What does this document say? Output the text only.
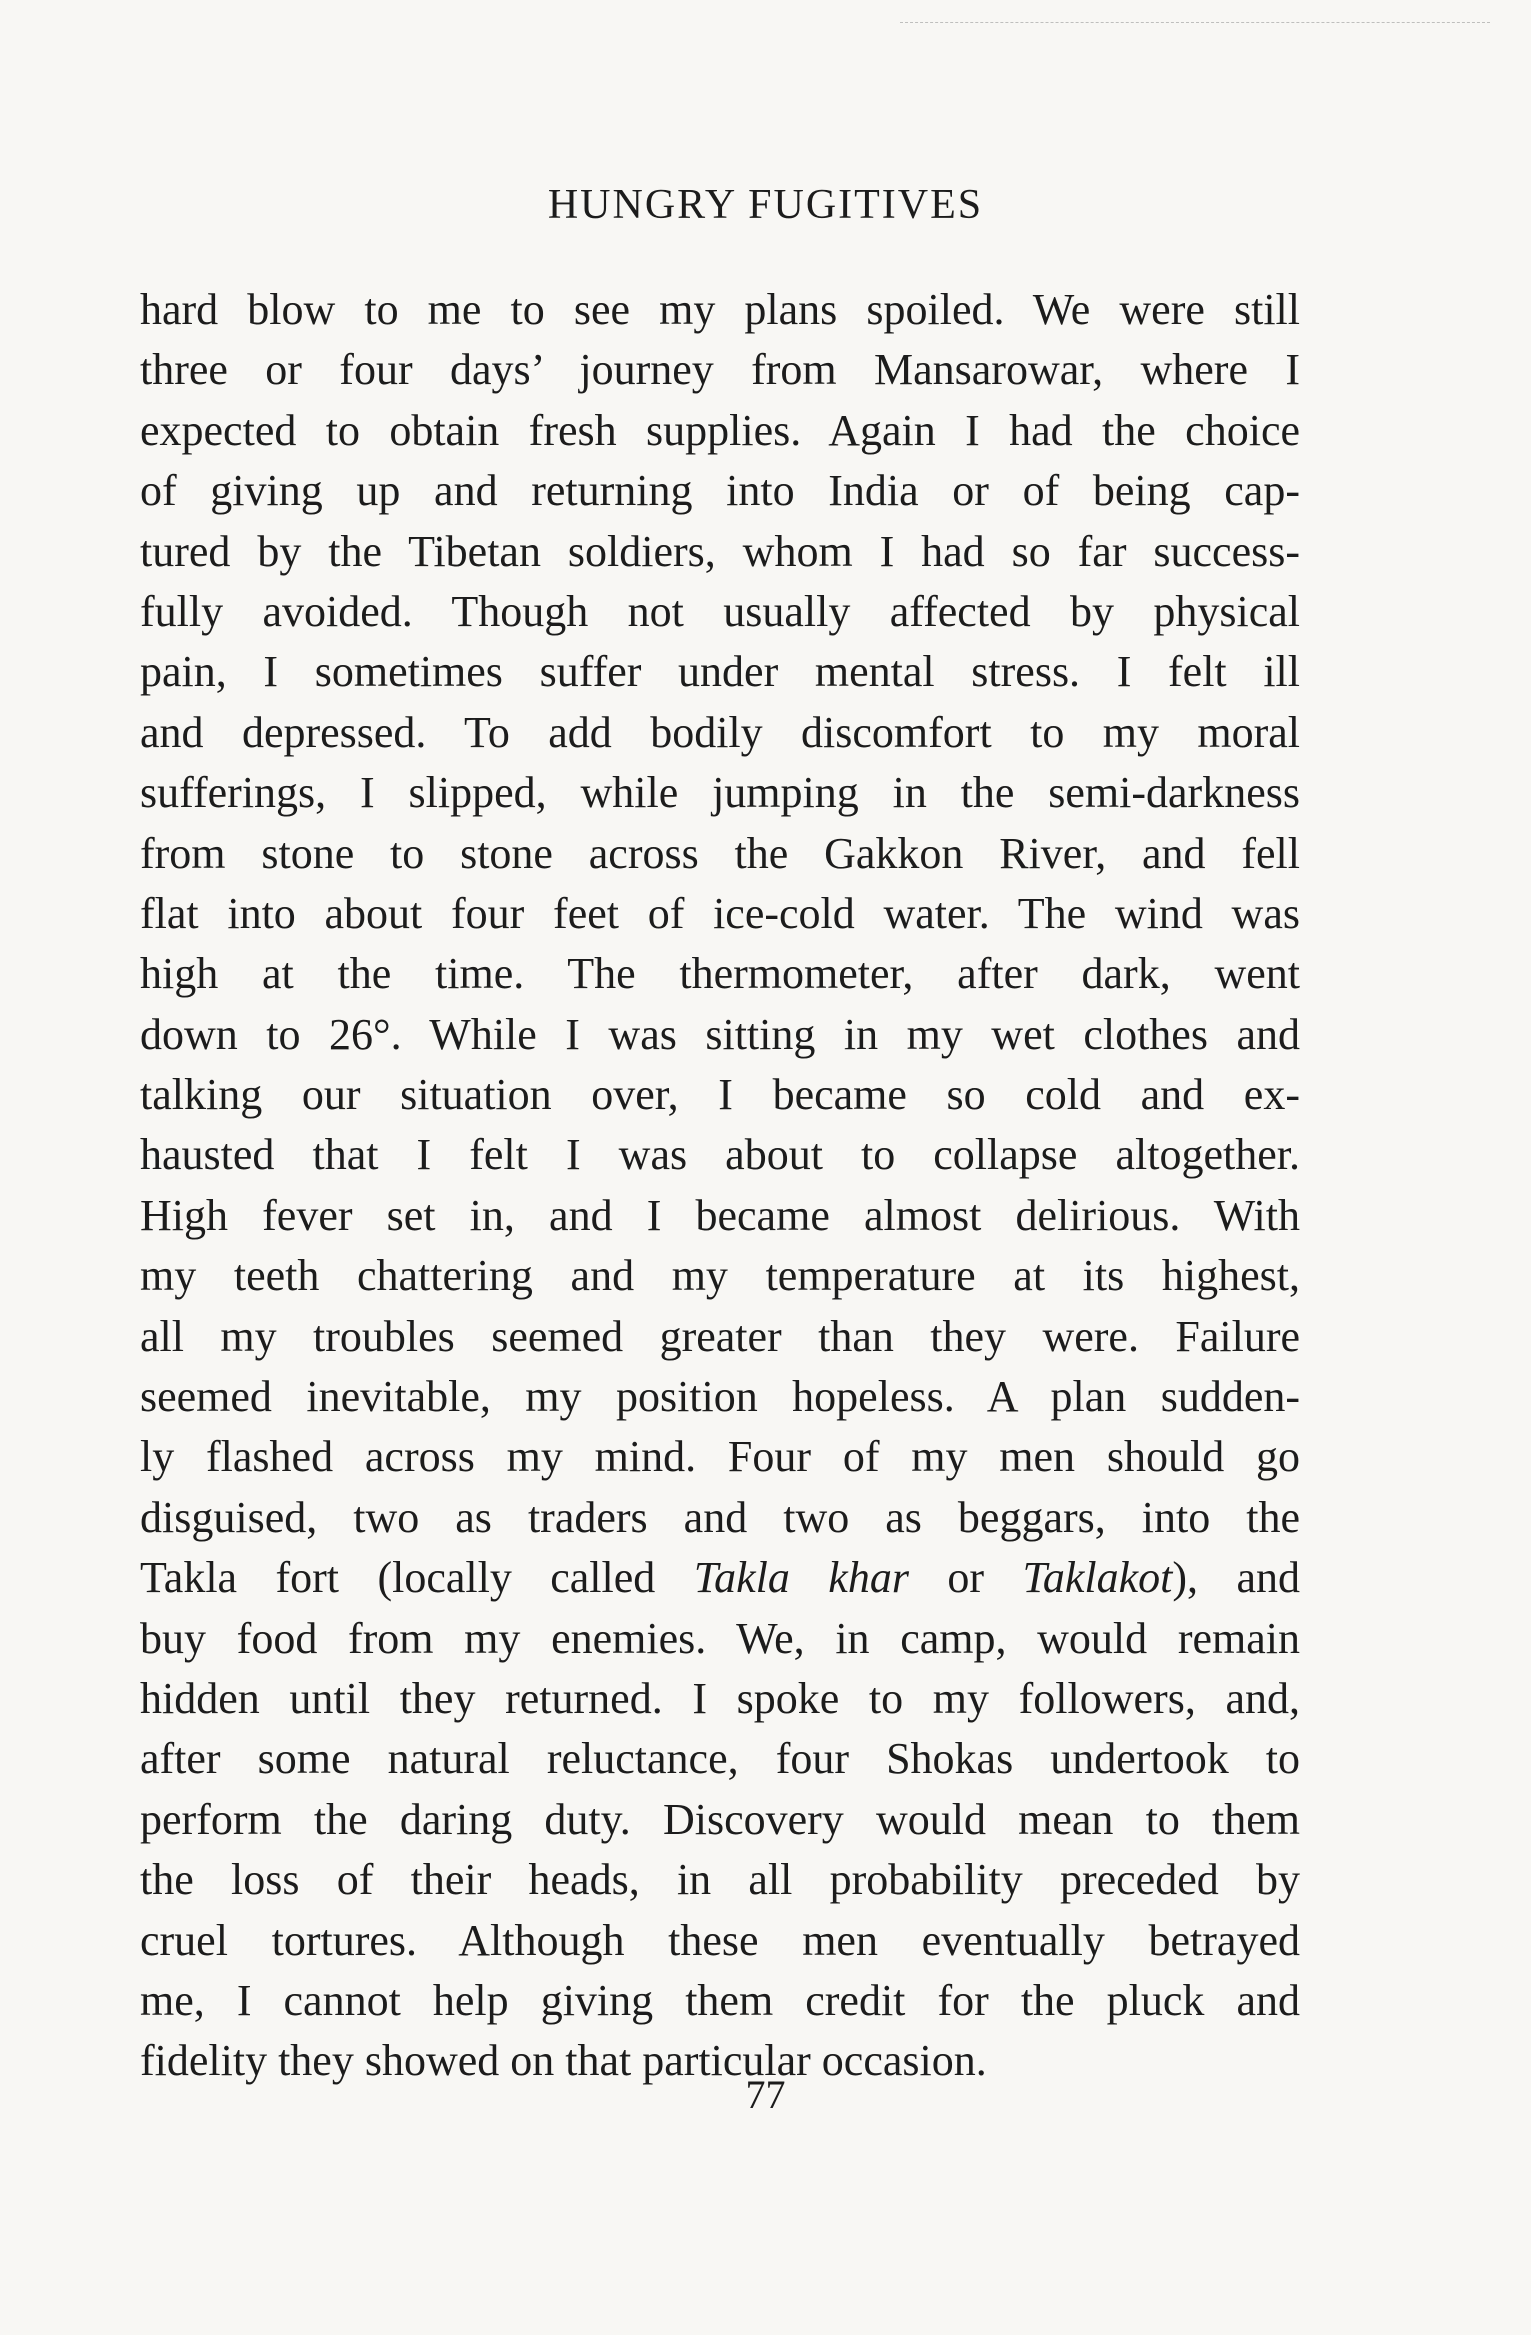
HUNGRY FUGITIVES
hard blow to me to see my plans spoiled. We were still
three or four days’ journey from Mansarowar, where I
expected to obtain fresh supplies. Again I had the choice
of giving up and returning into India or of being cap-
tured by the Tibetan soldiers, whom I had so far success-
fully avoided. Though not usually affected by physical
pain, I sometimes suffer under mental stress. I felt ill
and depressed. To add bodily discomfort to my moral
sufferings, I slipped, while jumping in the semi-darkness
from stone to stone across the Gakkon River, and fell
flat into about four feet of ice-cold water. The wind was
high at the time. The thermometer, after dark, went
down to 26°. While I was sitting in my wet clothes and
talking our situation over, I became so cold and ex-
hausted that I felt I was about to collapse altogether.
High fever set in, and I became almost delirious. With
my teeth chattering and my temperature at its highest,
all my troubles seemed greater than they were. Failure
seemed inevitable, my position hopeless. A plan sudden-
ly flashed across my mind. Four of my men should go
disguised, two as traders and two as beggars, into the
Takla fort (locally called Takla khar or Taklakot), and
buy food from my enemies. We, in camp, would remain
hidden until they returned. I spoke to my followers, and,
after some natural reluctance, four Shokas undertook to
perform the daring duty. Discovery would mean to them
the loss of their heads, in all probability preceded by
cruel tortures. Although these men eventually betrayed
me, I cannot help giving them credit for the pluck and
fidelity they showed on that particular occasion.
77
